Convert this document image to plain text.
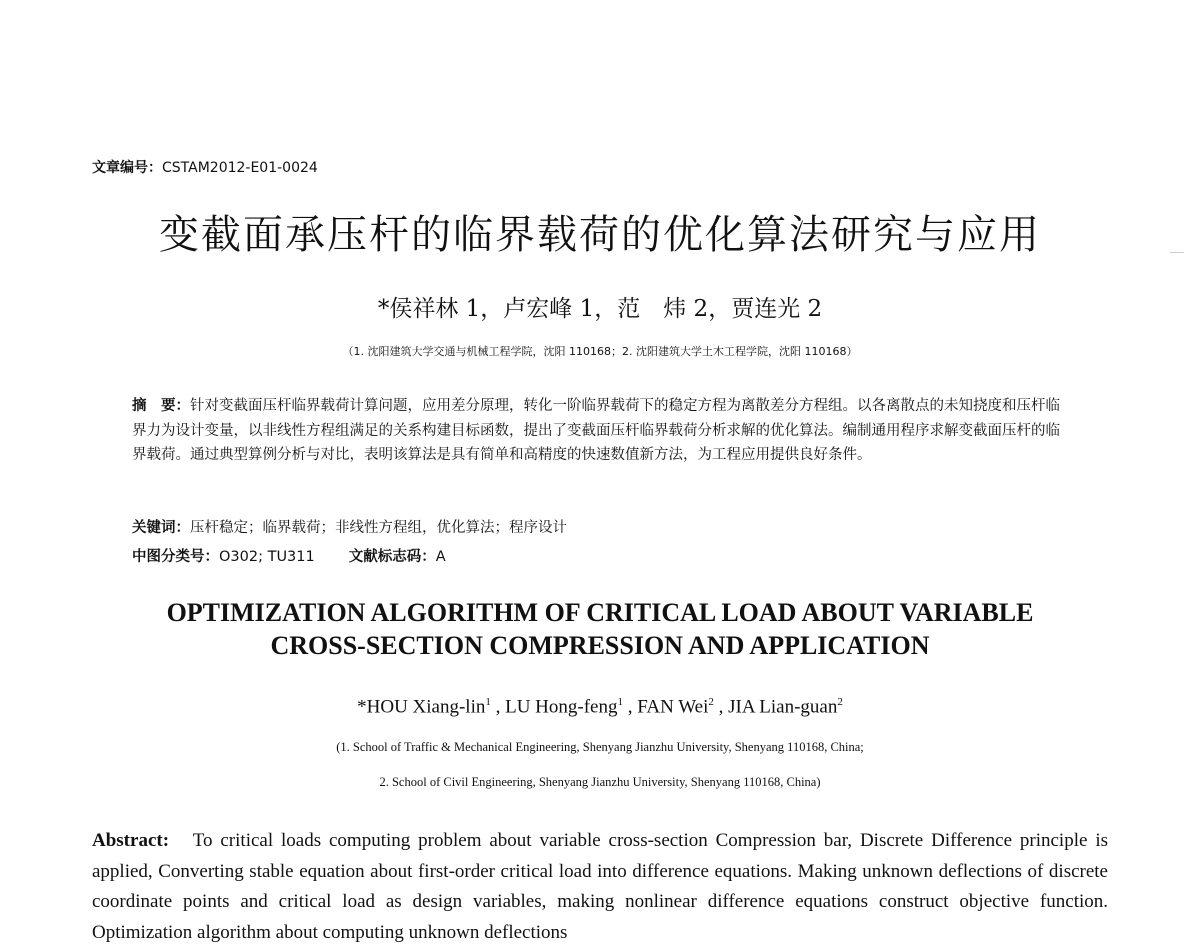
文章编号：CSTAM2012-E01-0024
变截面承压杆的临界载荷的优化算法研究与应用
*侯祥林 1，卢宏峰 1，范　炜 2，贾连光 2
（1. 沈阳建筑大学交通与机械工程学院，沈阳 110168；2. 沈阳建筑大学土木工程学院，沈阳 110168）
摘　要：针对变截面压杆临界载荷计算问题，应用差分原理，转化一阶临界载荷下的稳定方程为离散差分方程组。以各离散点的未知挠度和压杆临界力为设计变量，以非线性方程组满足的关系构建目标函数，提出了变截面压杆临界载荷分析求解的优化算法。编制通用程序求解变截面压杆的临界载荷。通过典型算例分析与对比，表明该算法是具有简单和高精度的快速数值新方法，为工程应用提供良好条件。
关键词：压杆稳定；临界载荷；非线性方程组，优化算法；程序设计
中图分类号：O302; TU311 文献标志码：A
OPTIMIZATION ALGORITHM OF CRITICAL LOAD ABOUT VARIABLE
CROSS-SECTION COMPRESSION AND APPLICATION
*HOU Xiang-lin$^1$ , LU Hong-feng$^1$ , FAN Wei$^2$ , JIA Lian-guan$^2$
(1. School of Traffic & Mechanical Engineering, Shenyang Jianzhu University, Shenyang 110168, China;
2. School of Civil Engineering, Shenyang Jianzhu University, Shenyang 110168, China)
Abstract: To critical loads computing problem about variable cross-section Compression bar, Discrete Difference principle is applied, Converting stable equation about first-order critical load into difference equations. Making unknown deflections of discrete coordinate points and critical load as design variables, making nonlinear difference equations construct objective function. Optimization algorithm about computing unknown deflections
